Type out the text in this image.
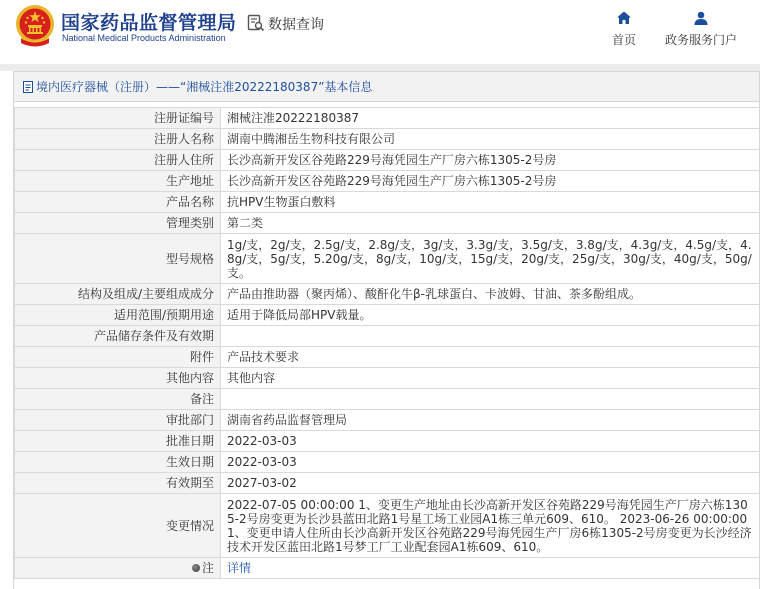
国家药品监督管理局
National Medical Products Administration
数据查询
首页	政务服务门户
境内医疗器械（注册）——“湘械注准20222180387”基本信息
注册证编号	湘械注准20222180387
注册人名称	湖南中腾湘岳生物科技有限公司
注册人住所	长沙高新开发区谷苑路229号海凭园生产厂房六栋1305-2号房
生产地址	长沙高新开发区谷苑路229号海凭园生产厂房六栋1305-2号房
产品名称	抗HPV生物蛋白敷料
管理类别	第二类
型号规格	1g/支，2g/支，2.5g/支，2.8g/支，3g/支，3.3g/支，3.5g/支，3.8g/支，4.3g/支，4.5g/支，4.8g/支，5g/支，5.20g/支，8g/支，10g/支，15g/支，20g/支，25g/支，30g/支，40g/支，50g/支。
结构及组成/主要组成成分	产品由推助器（聚丙烯）、酸酐化牛β-乳球蛋白、卡波姆、甘油、茶多酚组成。
适用范围/预期用途	适用于降低局部HPV载量。
产品储存条件及有效期	
附件	产品技术要求
其他内容	其他内容
备注	
审批部门	湖南省药品监督管理局
批准日期	2022-03-03
生效日期	2022-03-03
有效期至	2027-03-02
变更情况	2022-07-05 00:00:00 1、变更生产地址由长沙高新开发区谷苑路229号海凭园生产厂房六栋1305-2号房变更为长沙县蓝田北路1号星工场工业园A1栋三单元609、610。 2023-06-26 00:00:00 1、变更申请人住所由长沙高新开发区谷苑路229号海凭园生产厂房6栋1305-2号房变更为长沙经济技术开发区蓝田北路1号梦工厂工业配套园A1栋609、610。
注	详情
